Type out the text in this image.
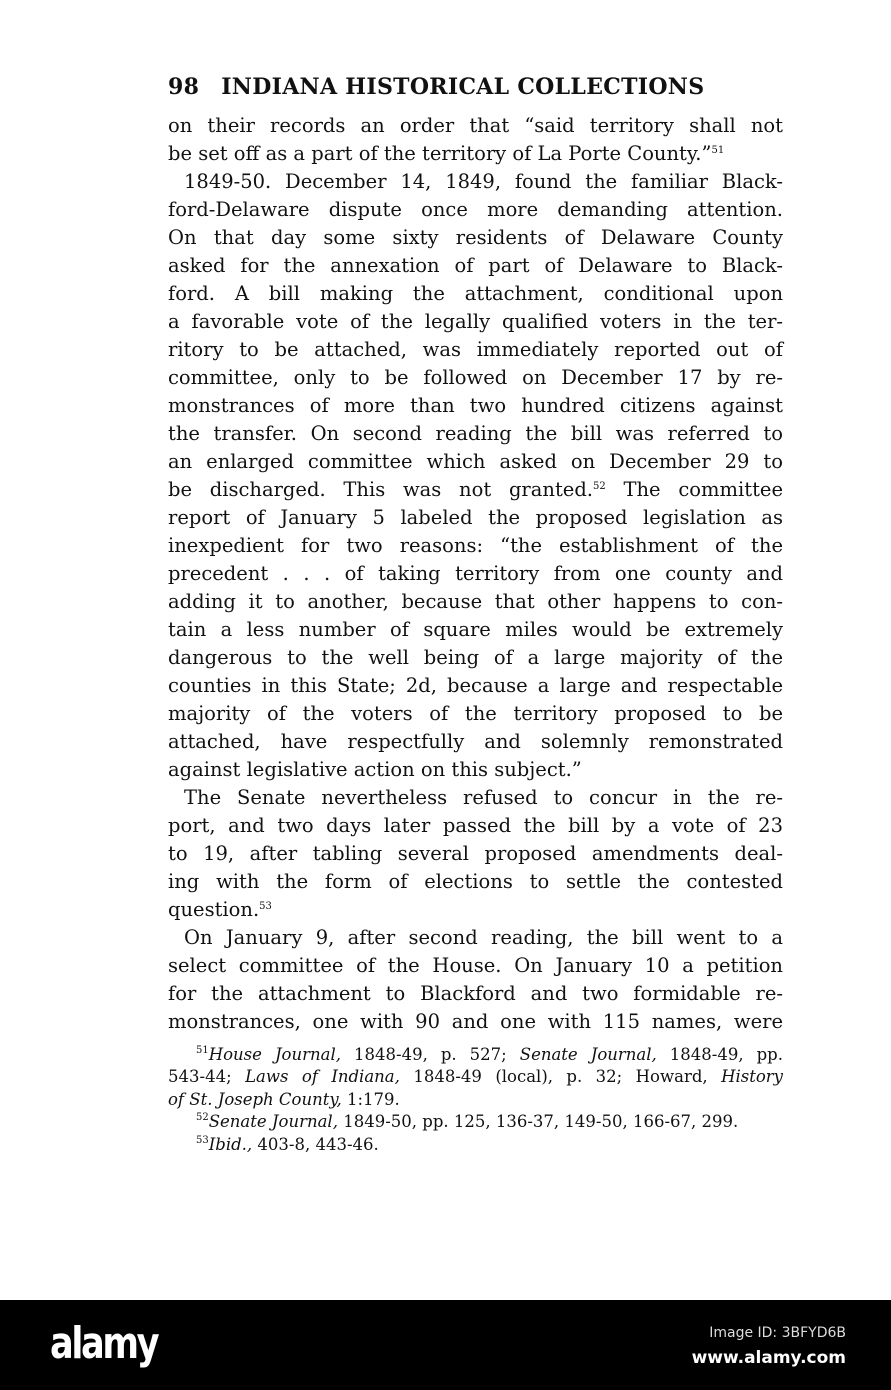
98 INDIANA HISTORICAL COLLECTIONS
on their records an order that “said territory shall not
be set off as a part of the territory of La Porte County.”$^{51}$
1849-50. December 14, 1849, found the familiar Black-
ford-Delaware dispute once more demanding attention.
On that day some sixty residents of Delaware County
asked for the annexation of part of Delaware to Black-
ford. A bill making the attachment, conditional upon
a favorable vote of the legally qualified voters in the ter-
ritory to be attached, was immediately reported out of
committee, only to be followed on December 17 by re-
monstrances of more than two hundred citizens against
the transfer. On second reading the bill was referred to
an enlarged committee which asked on December 29 to
be discharged. This was not granted.$^{52}$ The committee
report of January 5 labeled the proposed legislation as
inexpedient for two reasons: “the establishment of the
precedent . . . of taking territory from one county and
adding it to another, because that other happens to con-
tain a less number of square miles would be extremely
dangerous to the well being of a large majority of the
counties in this State; 2d, because a large and respectable
majority of the voters of the territory proposed to be
attached, have respectfully and solemnly remonstrated
against legislative action on this subject.”
The Senate nevertheless refused to concur in the re-
port, and two days later passed the bill by a vote of 23
to 19, after tabling several proposed amendments deal-
ing with the form of elections to settle the contested
question.$^{53}$
On January 9, after second reading, the bill went to a
select committee of the House. On January 10 a petition
for the attachment to Blackford and two formidable re-
monstrances, one with 90 and one with 115 names, were
$^{51}$House Journal, 1848-49, p. 527; Senate Journal, 1848-49, pp.
543-44; Laws of Indiana, 1848-49 (local), p. 32; Howard, History
of St. Joseph County, 1:179.
$^{52}$Senate Journal, 1849-50, pp. 125, 136-37, 149-50, 166-67, 299.
$^{53}$Ibid., 403-8, 443-46.
alamy	Image ID: 3BFYD6B
www.alamy.com
